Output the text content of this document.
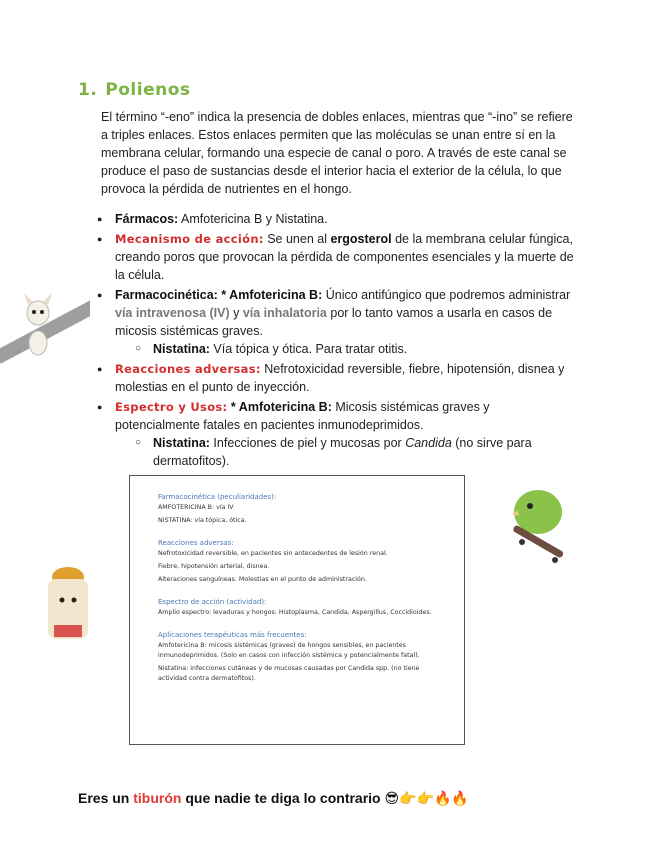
1. Polienos

El término “-eno” indica la presencia de dobles enlaces, mientras que “-ino” se refiere a triples enlaces. Estos enlaces permiten que las moléculas se unan entre sí en la membrana celular, formando una especie de canal o poro. A través de este canal se produce el paso de sustancias desde el interior hacia el exterior de la célula, lo que provoca la pérdida de nutrientes en el hongo.

● Fármacos: Amfotericina B y Nistatina.
● Mecanismo de acción: Se unen al ergosterol de la membrana celular fúngica, creando poros que provocan la pérdida de componentes esenciales y la muerte de la célula.
● Farmacocinética: * Amfotericina B: Único antifúngico que podremos administrar vía intravenosa (IV) y vía inhalatoria por lo tanto vamos a usarla en casos de micosis sistémicas graves.
○ Nistatina: Vía tópica y ótica. Para tratar otitis.
● Reacciones adversas: Nefrotoxicidad reversible, fiebre, hipotensión, disnea y molestias en el punto de inyección.
● Espectro y Usos: * Amfotericina B: Micosis sistémicas graves y potencialmente fatales en pacientes inmunodeprimidos.
○ Nistatina: Infecciones de piel y mucosas por Candida (no sirve para dermatofitos).
Farmacocinética (peculiaridades):

AMFOTERICINA B: vía IV

NISTATINA: vía tópica, ótica.

Reacciones adversas:

Nefrotoxicidad reversible, en pacientes sin antecedentes de lesión renal.

Fiebre, hipotensión arterial, disnea.

Alteraciones sanguíneas. Molestias en el punto de administración.

Espectro de acción (actividad):

Amplio espectro: levaduras y hongos: Histoplasma, Candida, Aspergillus, Coccidioides.

Aplicaciones terapéuticas más frecuentes:

Amfotericina B: micosis sistémicas (graves) de hongos sensibles, en pacientes inmunodeprimidos. (Solo en casos con infección sistémica y potencialmente fatal).

Nistatina: infecciones cutáneas y de mucosas causadas por Candida spp. (no tiene actividad contra dermatofitos).

Eres un tiburón que nadie te diga lo contrario 😎👉👉🔥🔥
